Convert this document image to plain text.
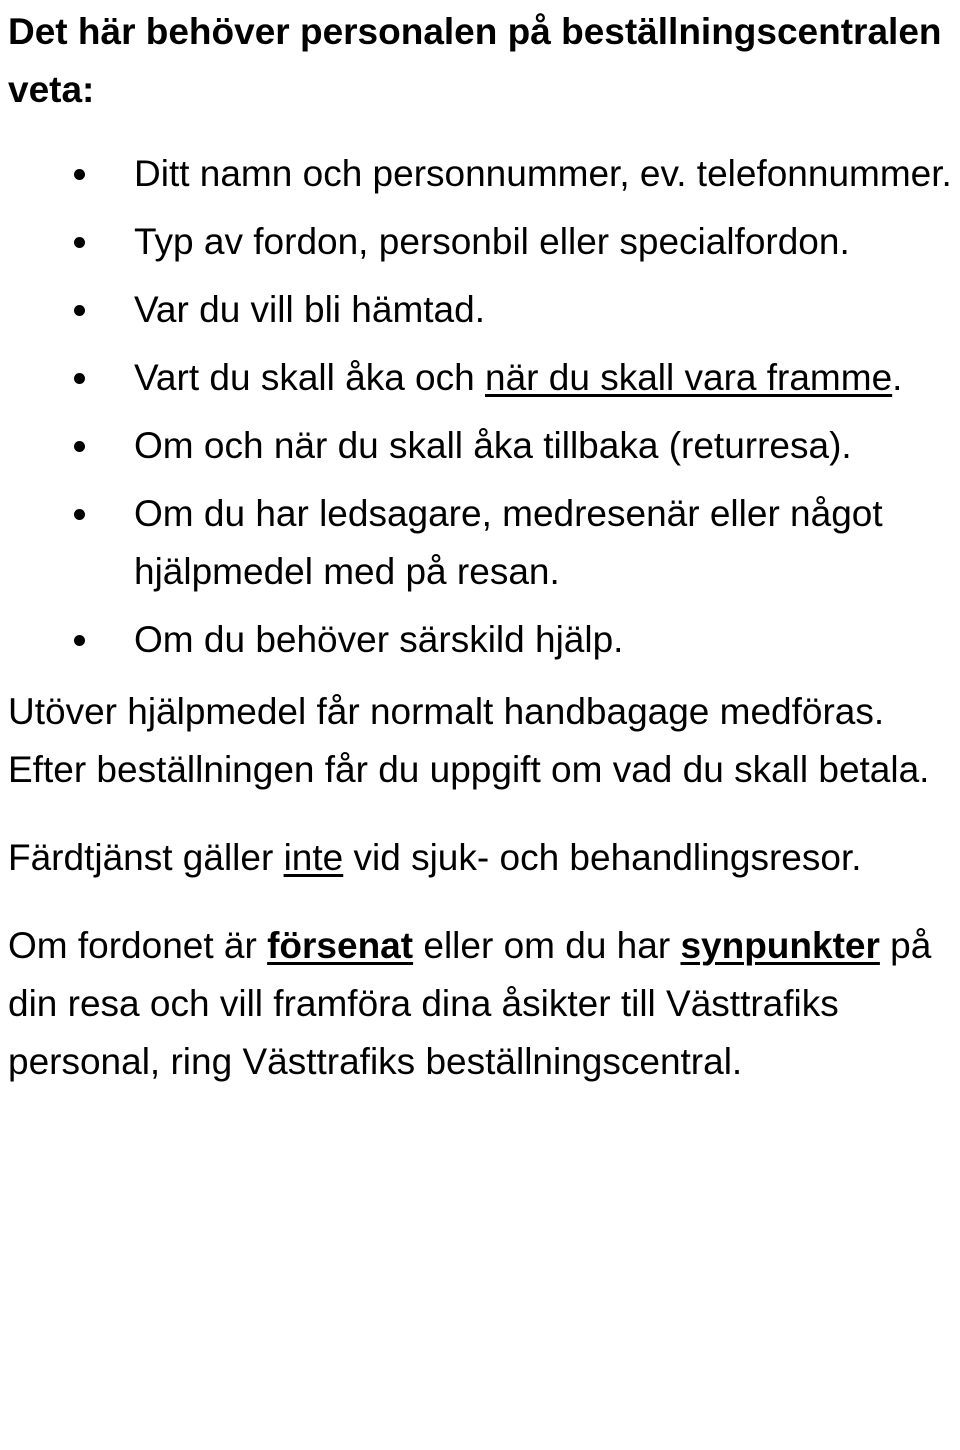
Det här behöver personalen på beställningscentralen veta:
Ditt namn och personnummer, ev. telefonnummer.
Typ av fordon, personbil eller specialfordon.
Var du vill bli hämtad.
Vart du skall åka och när du skall vara framme.
Om och när du skall åka tillbaka (returresa).
Om du har ledsagare, medresenär eller något hjälpmedel med på resan.
Om du behöver särskild hjälp.

Utöver hjälpmedel får normalt handbagage medföras.

Efter beställningen får du uppgift om vad du skall betala.

Färdtjänst gäller inte vid sjuk- och behandlingsresor.

Om fordonet är försenat eller om du har synpunkter på din resa och vill framföra dina åsikter till Västtrafiks personal, ring Västtrafiks beställningscentral.
